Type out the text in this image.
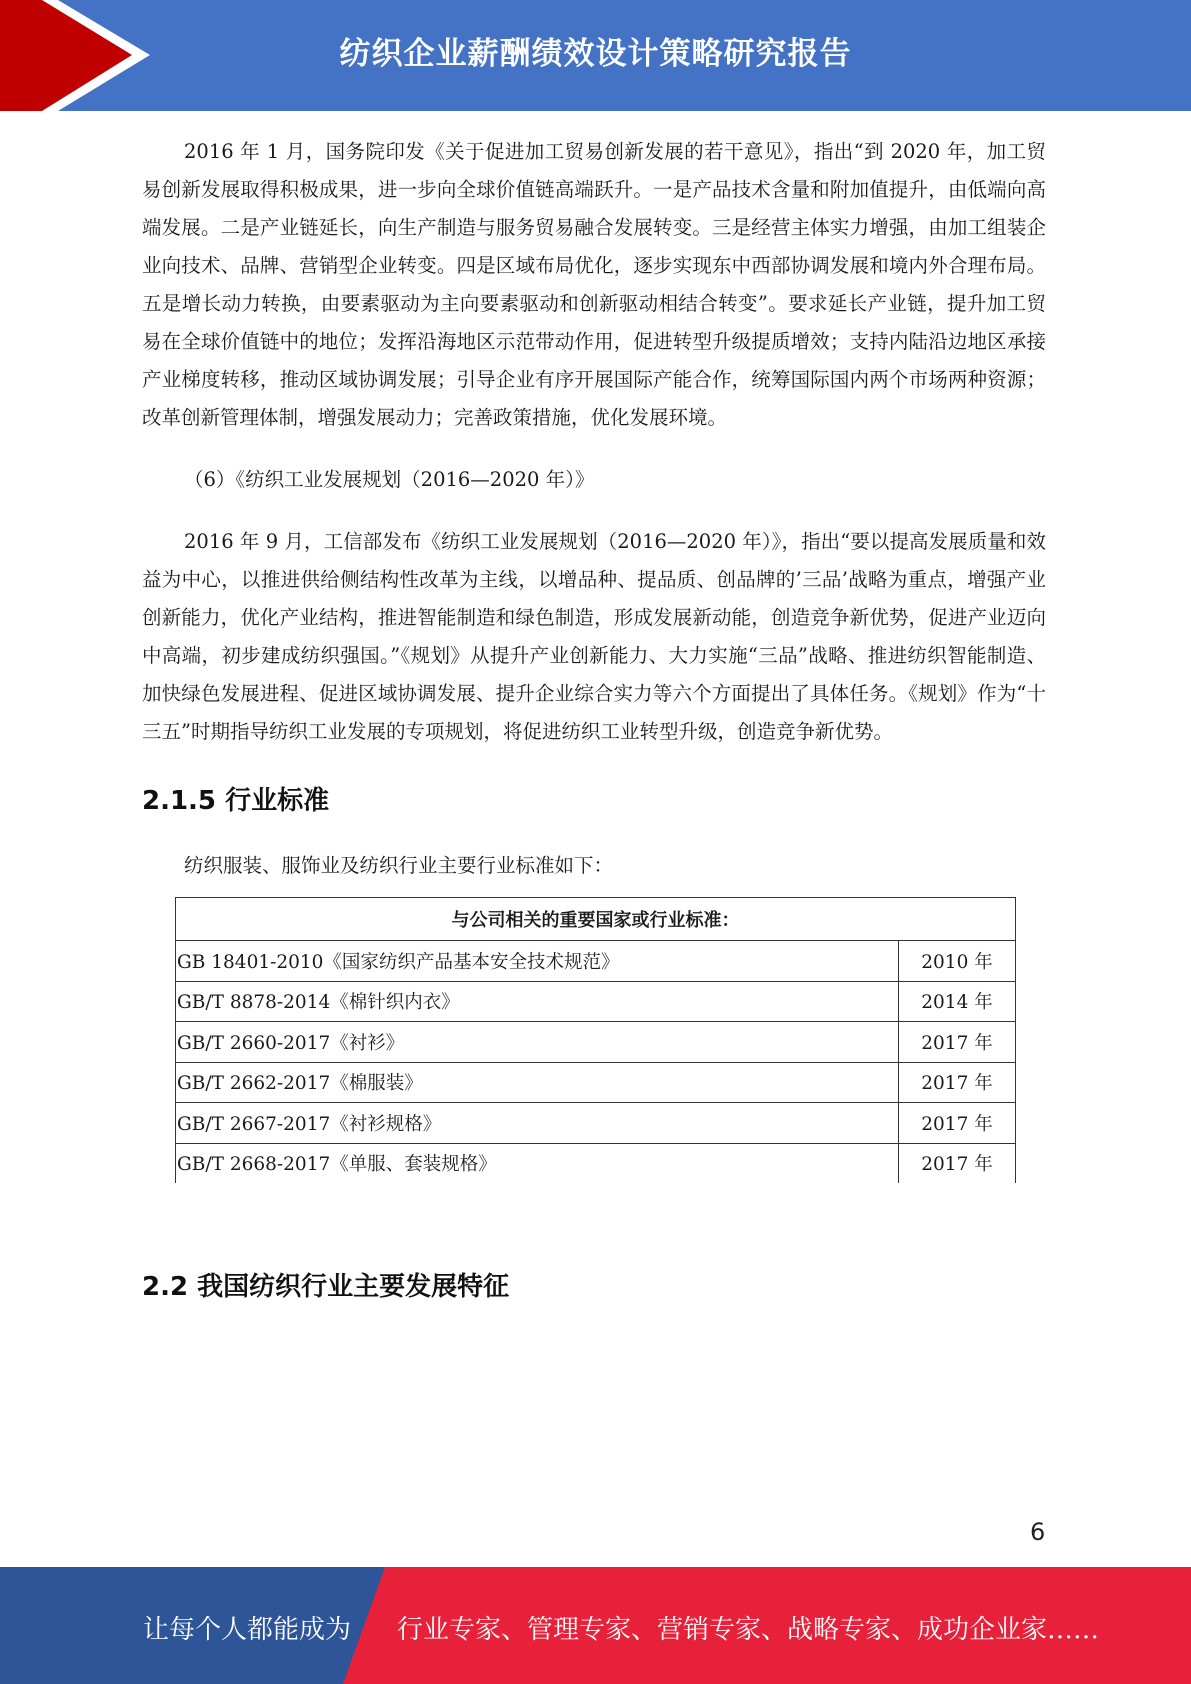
纺织企业薪酬绩效设计策略研究报告

2016 年 1 月，国务院印发《关于促进加工贸易创新发展的若干意见》，指出“到 2020 年，加工贸易创新发展取得积极成果，进一步向全球价值链高端跃升。一是产品技术含量和附加值提升，由低端向高端发展。二是产业链延长，向生产制造与服务贸易融合发展转变。三是经营主体实力增强，由加工组装企业向技术、品牌、营销型企业转变。四是区域布局优化，逐步实现东中西部协调发展和境内外合理布局。五是增长动力转换，由要素驱动为主向要素驱动和创新驱动相结合转变”。要求延长产业链，提升加工贸易在全球价值链中的地位；发挥沿海地区示范带动作用，促进转型升级提质增效；支持内陆沿边地区承接产业梯度转移，推动区域协调发展；引导企业有序开展国际产能合作，统筹国际国内两个市场两种资源；改革创新管理体制，增强发展动力；完善政策措施，优化发展环境。

（6）《纺织工业发展规划（2016—2020 年）》

2016 年 9 月，工信部发布《纺织工业发展规划（2016—2020 年）》，指出“要以提高发展质量和效益为中心，以推进供给侧结构性改革为主线，以增品种、提品质、创品牌的’三品’战略为重点，增强产业创新能力，优化产业结构，推进智能制造和绿色制造，形成发展新动能，创造竞争新优势，促进产业迈向中高端，初步建成纺织强国。”《规划》从提升产业创新能力、大力实施“三品”战略、推进纺织智能制造、加快绿色发展进程、促进区域协调发展、提升企业综合实力等六个方面提出了具体任务。《规划》作为“十三五”时期指导纺织工业发展的专项规划，将促进纺织工业转型升级，创造竞争新优势。

2.1.5 行业标准

纺织服装、服饰业及纺织行业主要行业标准如下：

与公司相关的重要国家或行业标准：	
GB 18401-2010《国家纺织产品基本安全技术规范》	2010 年
GB/T 8878-2014《棉针织内衣》	2014 年
GB/T 2660-2017《衬衫》	2017 年
GB/T 2662-2017《棉服装》	2017 年
GB/T 2667-2017《衬衫规格》	2017 年
GB/T 2668-2017《单服、套装规格》	2017 年
2.2 我国纺织行业主要发展特征
6
让每个人都能成为 行业专家、管理专家、营销专家、战略专家、成功企业家……
